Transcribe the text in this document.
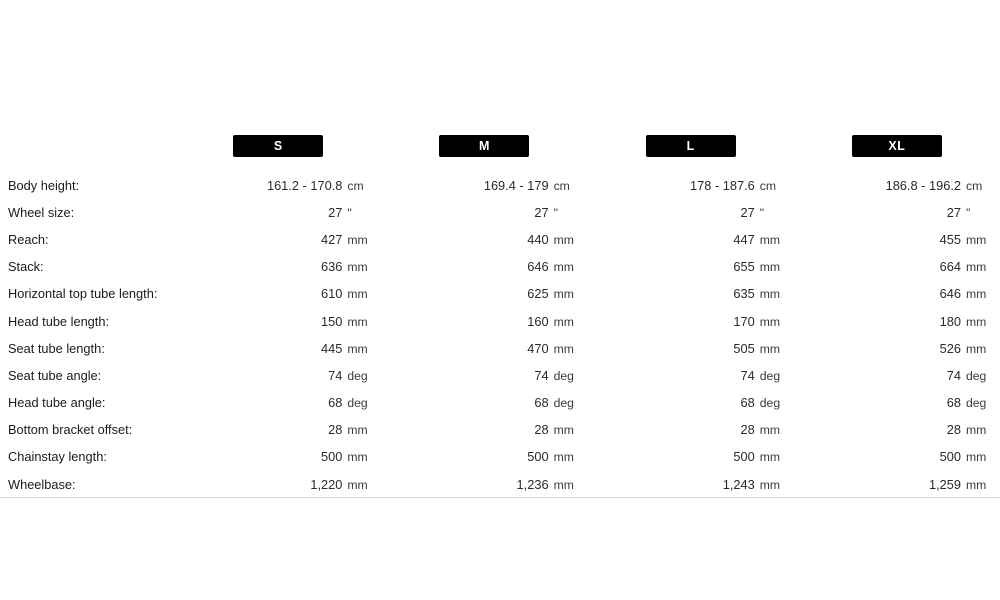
	S	M	L	XL
Body height:	161.2 - 170.8 cm	169.4 - 179 cm	178 - 187.6 cm	186.8 - 196.2 cm
Wheel size:	27 "	27 "	27 "	27 "
Reach:	427 mm	440 mm	447 mm	455 mm
Stack:	636 mm	646 mm	655 mm	664 mm
Horizontal top tube length:	610 mm	625 mm	635 mm	646 mm
Head tube length:	150 mm	160 mm	170 mm	180 mm
Seat tube length:	445 mm	470 mm	505 mm	526 mm
Seat tube angle:	74 deg	74 deg	74 deg	74 deg
Head tube angle:	68 deg	68 deg	68 deg	68 deg
Bottom bracket offset:	28 mm	28 mm	28 mm	28 mm
Chainstay length:	500 mm	500 mm	500 mm	500 mm
Wheelbase:	1,220 mm	1,236 mm	1,243 mm	1,259 mm
